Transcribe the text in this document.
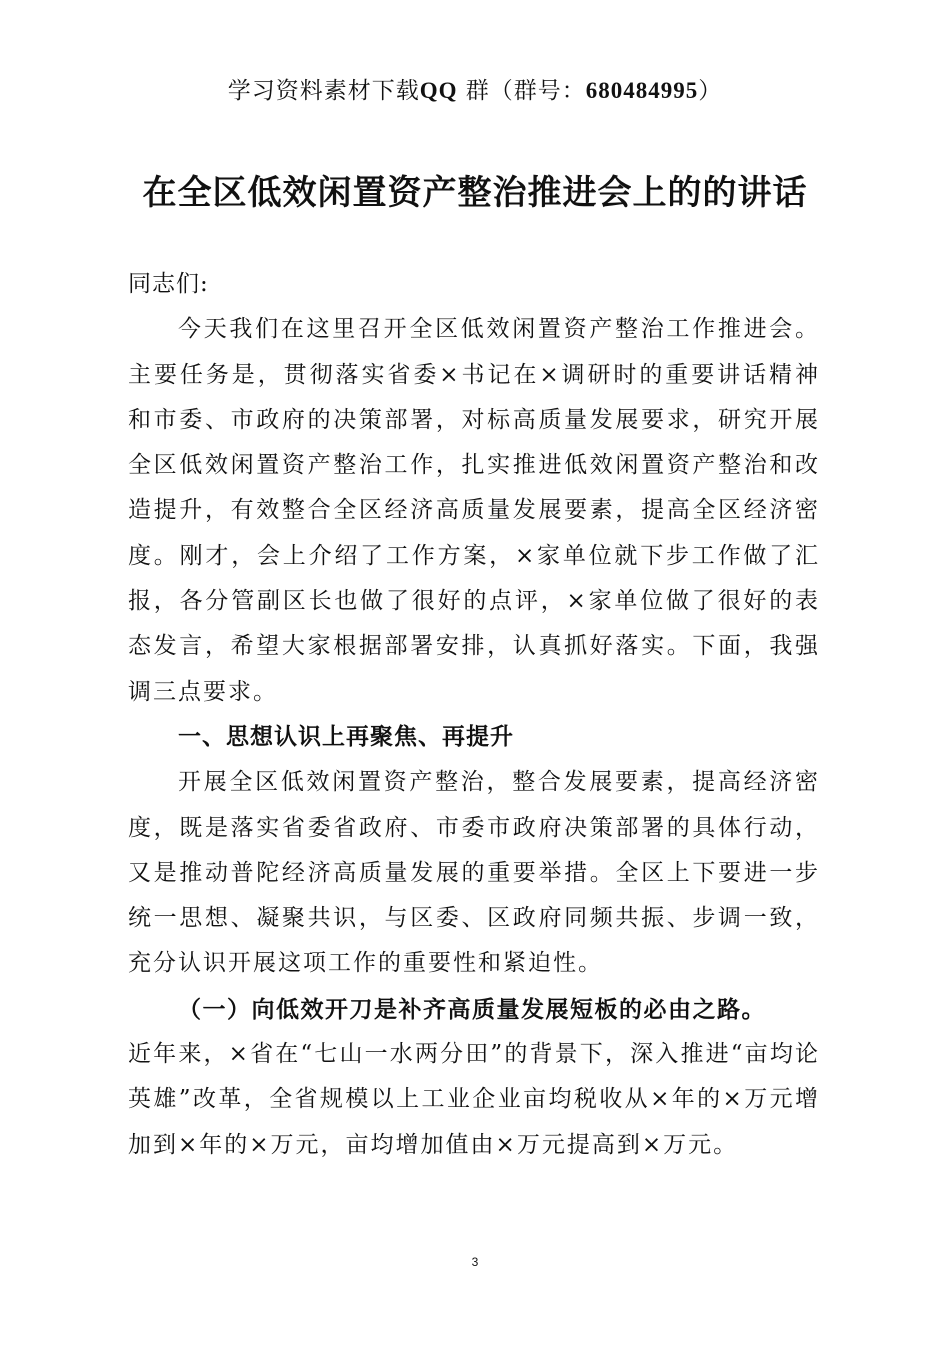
学习资料素材下载QQ 群（群号：680484995）
在全区低效闲置资产整治推进会上的的讲话

同志们:

今天我们在这里召开全区低效闲置资产整治工作推进会。主要任务是，贯彻落实省委×书记在×调研时的重要讲话精神和市委、市政府的决策部署，对标高质量发展要求，研究开展全区低效闲置资产整治工作，扎实推进低效闲置资产整治和改造提升，有效整合全区经济高质量发展要素，提高全区经济密度。刚才，会上介绍了工作方案，×家单位就下步工作做了汇报，各分管副区长也做了很好的点评，×家单位做了很好的表态发言，希望大家根据部署安排，认真抓好落实。下面，我强调三点要求。

一、思想认识上再聚焦、再提升

开展全区低效闲置资产整治，整合发展要素，提高经济密度，既是落实省委省政府、市委市政府决策部署的具体行动，又是推动普陀经济高质量发展的重要举措。全区上下要进一步统一思想、凝聚共识，与区委、区政府同频共振、步调一致，充分认识开展这项工作的重要性和紧迫性。

（一）向低效开刀是补齐高质量发展短板的必由之路。

近年来，×省在“七山一水两分田”的背景下，深入推进“亩均论英雄”改革，全省规模以上工业企业亩均税收从×年的×万元增加到×年的×万元，亩均增加值由×万元提高到×万元。

3
